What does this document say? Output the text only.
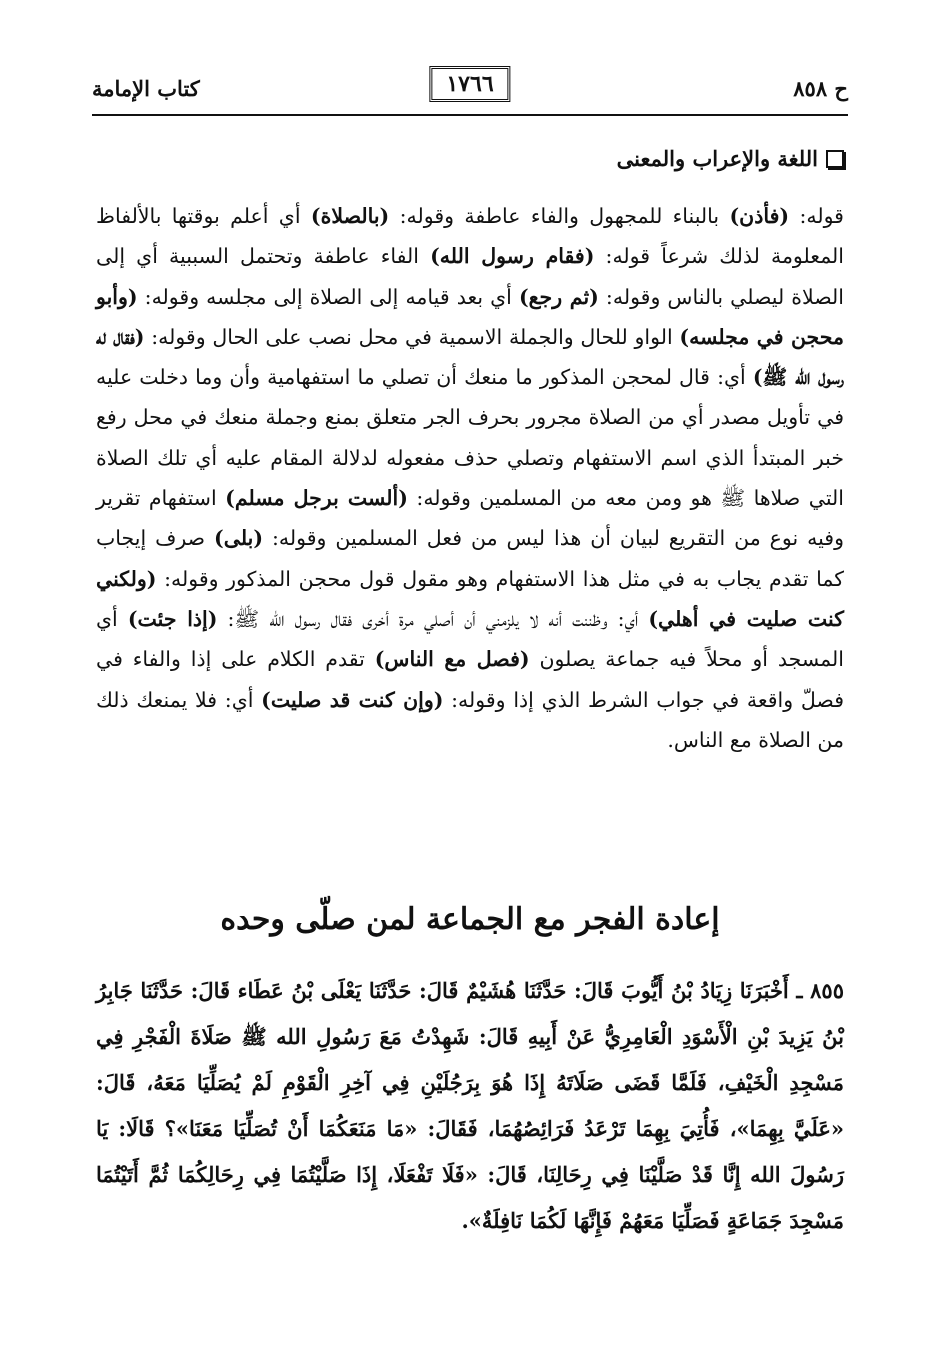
ح ٨٥٨
كتاب الإمامة	١٧٦٦
اللغة والإعراب والمعنى
قوله: (فأذن) بالبناء للمجهول والفاء عاطفة وقوله: (بالصلاة) أي أعلم بوقتها بالألفاظ المعلومة لذلك شرعاً قوله: (فقام رسول الله) الفاء عاطفة وتحتمل السببية أي إلى الصلاة ليصلي بالناس وقوله: (ثم رجع) أي بعد قيامه إلى الصلاة إلى مجلسه وقوله: (وأبو محجن في مجلسه) الواو للحال والجملة الاسمية في محل نصب على الحال وقوله: (فقال له رسول الله ﷺ) أي: قال لمحجن المذكور ما منعك أن تصلي ما استفهامية وأن وما دخلت عليه في تأويل مصدر أي من الصلاة مجرور بحرف الجر متعلق بمنع وجملة منعك في محل رفع خبر المبتدأ الذي اسم الاستفهام وتصلي حذف مفعوله لدلالة المقام عليه أي تلك الصلاة التي صلاها ﷺ هو ومن معه من المسلمين وقوله: (ألست برجل مسلم) استفهام تقرير وفيه نوع من التقريع لبيان أن هذا ليس من فعل المسلمين وقوله: (بلى) صرف إيجاب كما تقدم يجاب به في مثل هذا الاستفهام وهو مقول قول محجن المذكور وقوله: (ولكني كنت صليت في أهلي) أي: وظننت أنه لا يلزمني أن أصلي مرة أخرى فقال رسول الله ﷺ: (إذا جئت) أي المسجد أو محلاً فيه جماعة يصلون (فصل مع الناس) تقدم الكلام على إذا والفاء في فصلّ واقعة في جواب الشرط الذي إذا وقوله: (وإن كنت قد صليت) أي: فلا يمنعك ذلك من الصلاة مع الناس.
إعادة الفجر مع الجماعة لمن صلّى وحده
٨٥٥ ـ أَخْبَرَنَا زِيَادُ بْنُ أَيُّوبَ قَالَ: حَدَّثَنَا هُشَيْمٌ قَالَ: حَدَّثَنَا يَعْلَى بْنُ عَطَاء قَالَ: حَدَّثَنَا جَابِرُ بْنُ يَزِيدَ بْنِ الْأَسْوَدِ الْعَامِرِيُّ عَنْ أَبِيهِ قَالَ: شَهِدْتُ مَعَ رَسُولِ الله ﷺ صَلَاةَ الْفَجْرِ فِي مَسْجِدِ الْخَيْفِ، فَلَمَّا قَضَى صَلَاتَهُ إِذَا هُوَ بِرَجُلَيْنِ فِي آخِرِ الْقَوْمِ لَمْ يُصَلِّيَا مَعَهُ، قَالَ: «عَلَيَّ بِهِمَا»، فَأُتِيَ بِهِمَا تَرْعَدُ فَرَائِصُهُمَا، فَقَالَ: «مَا مَنَعَكُمَا أَنْ تُصَلِّيَا مَعَنَا»؟ قَالَا: يَا رَسُولَ الله إِنَّا قَدْ صَلَّيْنَا فِي رِحَالِنَا، قَالَ: «فَلَا تَفْعَلَا، إِذَا صَلَّيْتُمَا فِي رِحَالِكُمَا ثُمَّ أَتَيْتُمَا مَسْجِدَ جَمَاعَةٍ فَصَلِّيَا مَعَهُمْ فَإِنَّهَا لَكُمَا نَافِلَةٌ».
